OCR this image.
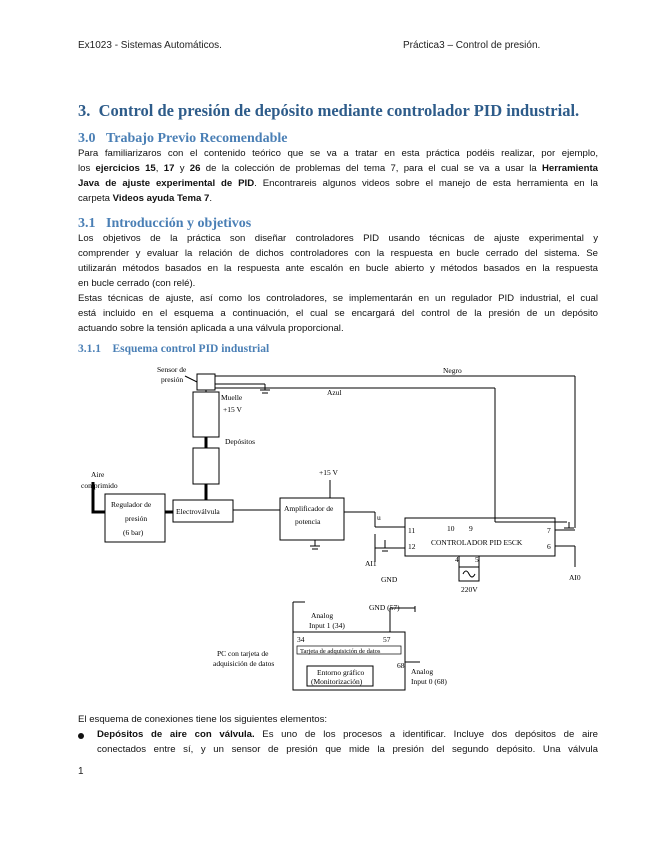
Ex1023 - Sistemas Automáticos.	Práctica3 – Control de presión.
3. Control de presión de depósito mediante controlador PID industrial.
3.0 Trabajo Previo Recomendable
Para familiarizaros con el contenido teórico que se va a tratar en esta práctica podéis realizar, por ejemplo,
los ejercicios 15, 17 y 26 de la colección de problemas del tema 7, para el cual se va a usar la Herramienta
Java de ajuste experimental de PID. Encontrareis algunos videos sobre el manejo de esta herramienta en la
carpeta Videos ayuda Tema 7.
3.1 Introducción y objetivos
Los objetivos de la práctica son diseñar controladores PID usando técnicas de ajuste experimental y
comprender y evaluar la relación de dichos controladores con la respuesta en bucle cerrado del sistema. Se
utilizarán métodos basados en la respuesta ante escalón en bucle abierto y métodos basados en la respuesta
en bucle cerrado (con relé).
Estas técnicas de ajuste, así como los controladores, se implementarán en un regulador PID industrial, el cual
está incluido en el esquema a continuación, el cual se encargará del control de la presión de un depósito
actuando sobre la tensión aplicada a una válvula proporcional.
3.1.1 Esquema control PID industrial
Sensor de
presión
Negro
Azul
Muelle
+15 V
Depósitos
Aire
comprimido
+15 V
Regulador de
presión
(6 bar)
Electroválvula	Amplificador de
potencia	u
CONTROLADOR PID E5CK
11	10 9	7
12	6
4 5
AI1
GND
220V
AI0
Analog
Input 1 (34)
GND (57)
34	57
Tarjeta de adquisición de datos
PC con tarjeta de
adquisición de datos	68
Entorno gráfico
(Monitorización)
Analog
Input 0 (68)
El esquema de conexiones tiene los siguientes elementos:
Depósitos de aire con válvula. Es uno de los procesos a identificar. Incluye dos depósitos de aire
conectados entre sí, y un sensor de presión que mide la presión del segundo depósito. Una válvula
1
